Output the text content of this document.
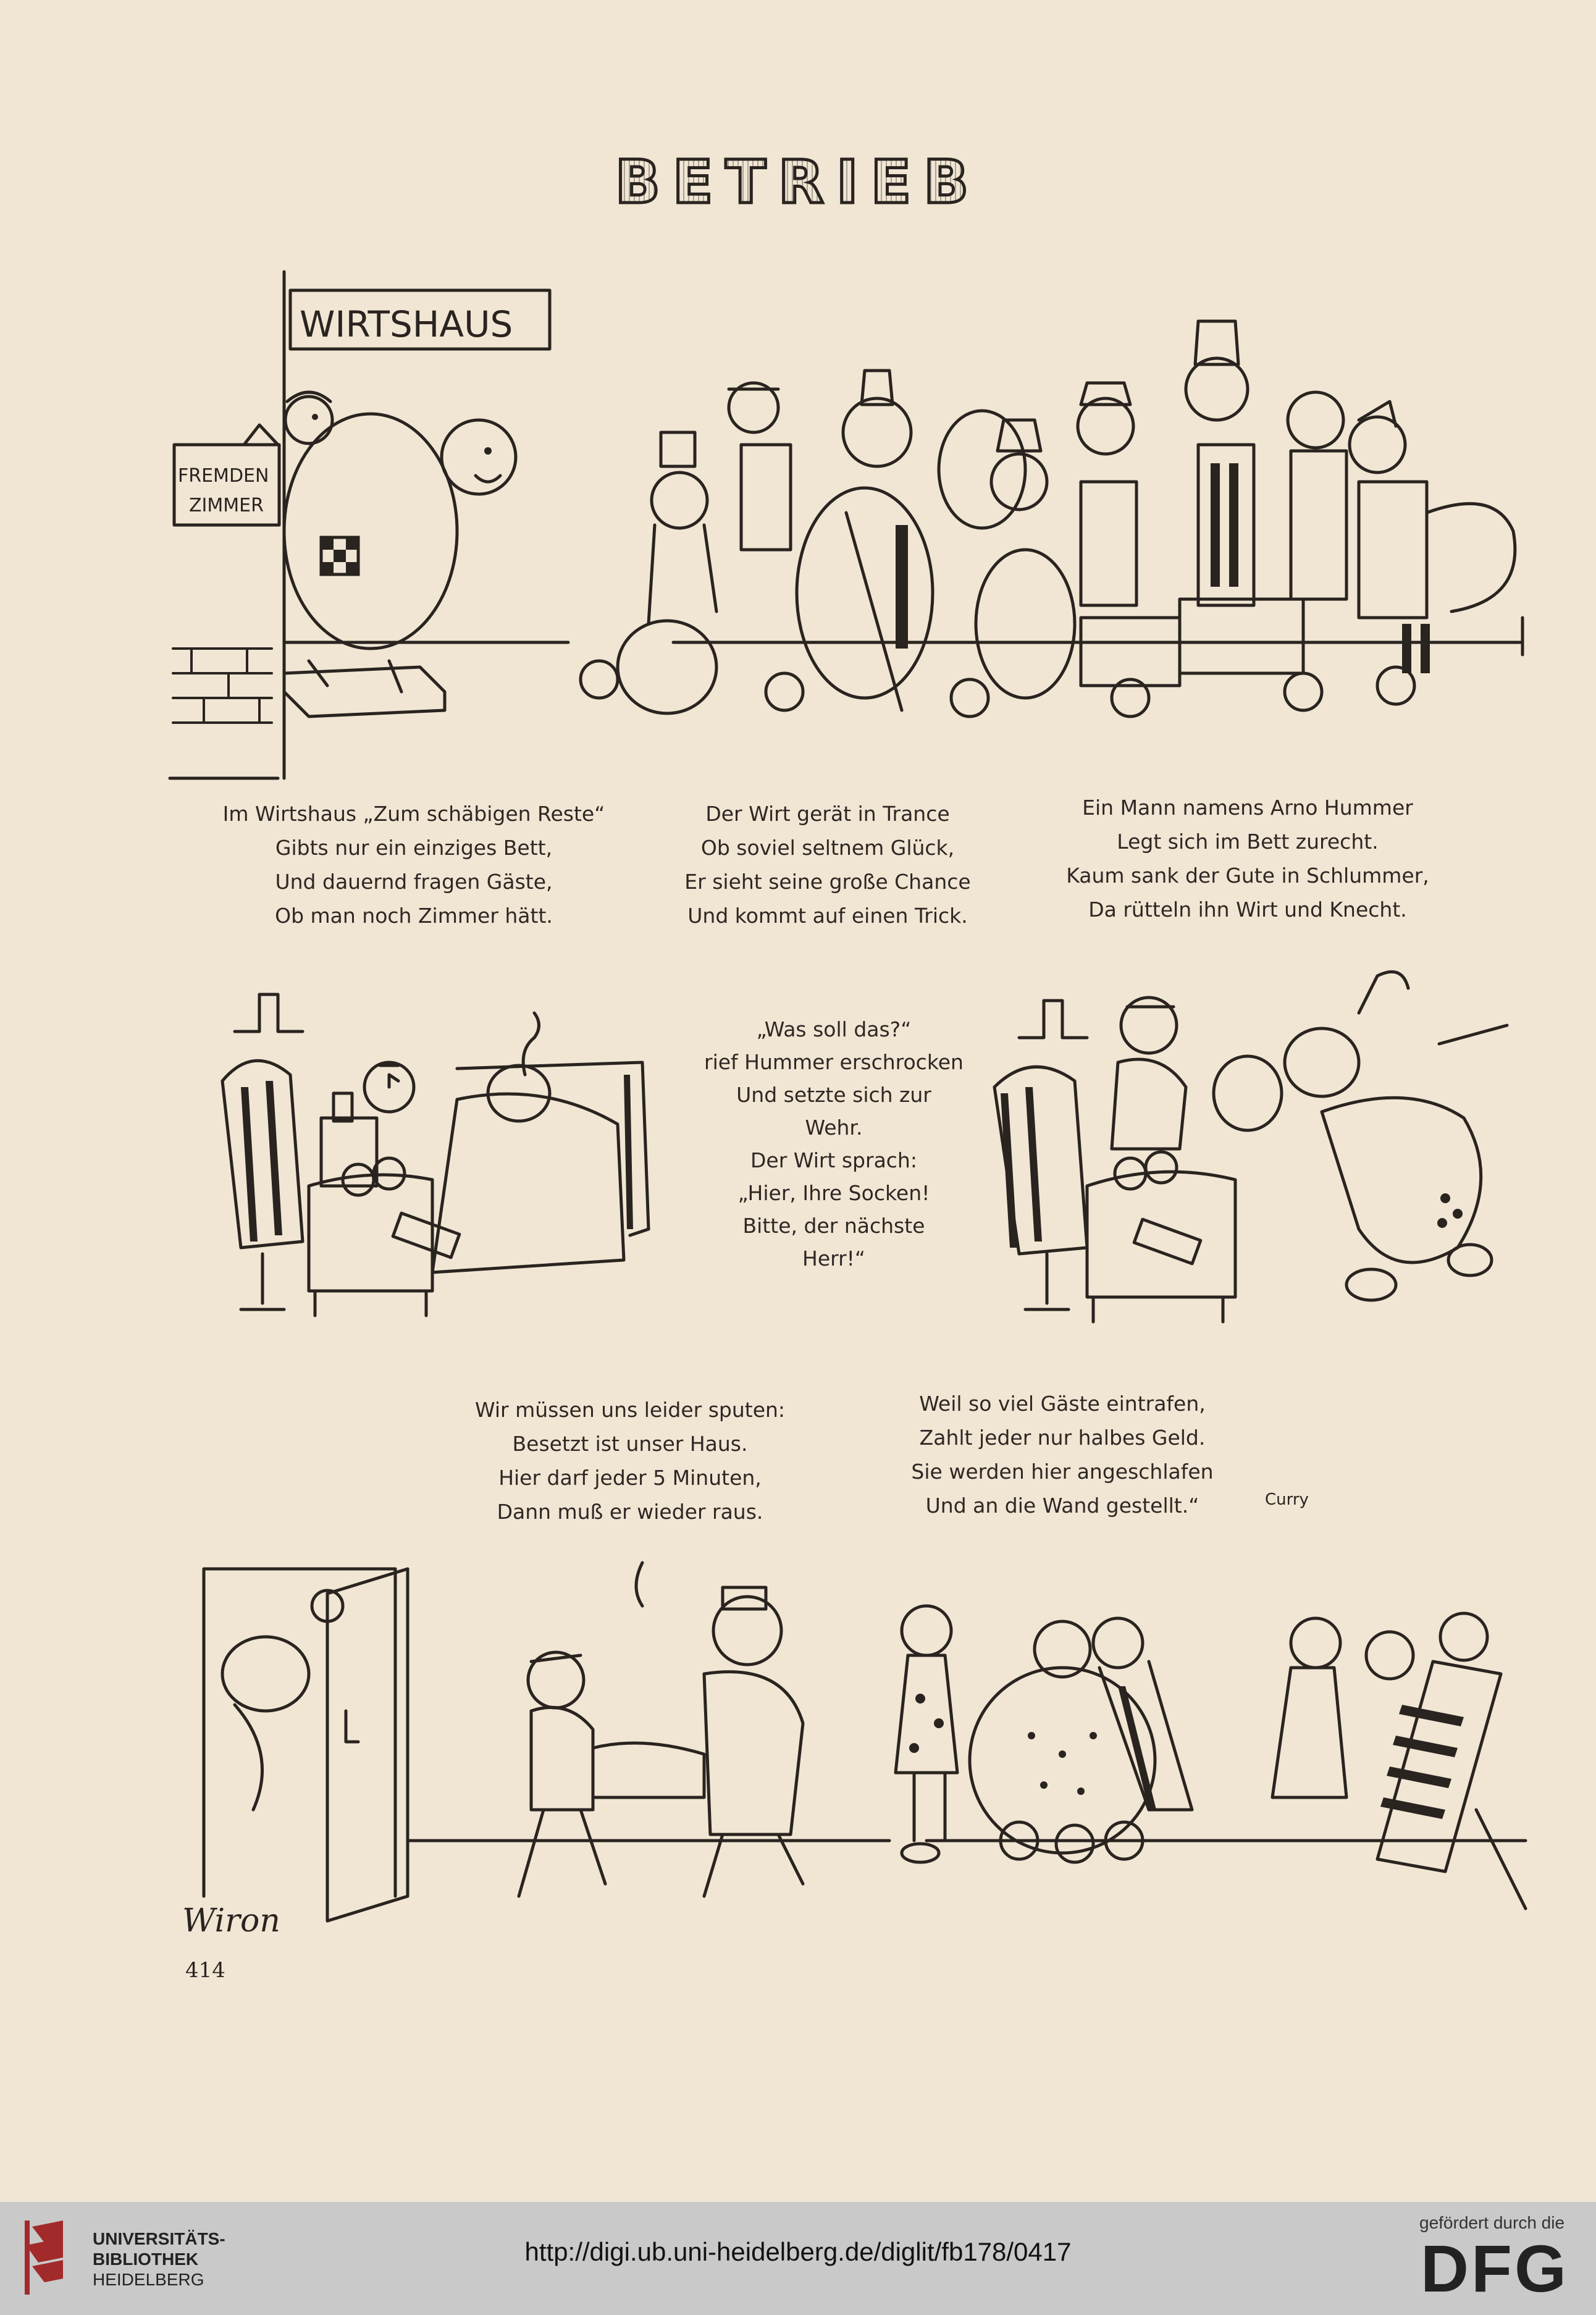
BETRIEB
WIRTSHAUS
FREMDEN
ZIMMER
Im Wirtshaus „Zum schäbigen Reste“
Gibts nur ein einziges Bett,
Und dauernd fragen Gäste,
Ob man noch Zimmer hätt.
Der Wirt gerät in Trance
Ob soviel seltnem Glück,
Er sieht seine große Chance
Und kommt auf einen Trick.
Ein Mann namens Arno Hummer
Legt sich im Bett zurecht.
Kaum sank der Gute in Schlummer,
Da rütteln ihn Wirt und Knecht.
„Was soll das?“
rief Hummer erschrocken
Und setzte sich zur
Wehr.
Der Wirt sprach:
„Hier, Ihre Socken!
Bitte, der nächste
Herr!“
Wir müssen uns leider sputen:
Besetzt ist unser Haus.
Hier darf jeder 5 Minuten,
Dann muß er wieder raus.
Weil so viel Gäste eintrafen,
Zahlt jeder nur halbes Geld.
Sie werden hier angeschlafen
Und an die Wand gestellt.“	Curry
Wiron
414
UNIVERSITÄTS-
BIBLIOTHEK
HEIDELBERG
http://digi.ub.uni-heidelberg.de/diglit/fb178/0417
gefördert durch die
DFG
